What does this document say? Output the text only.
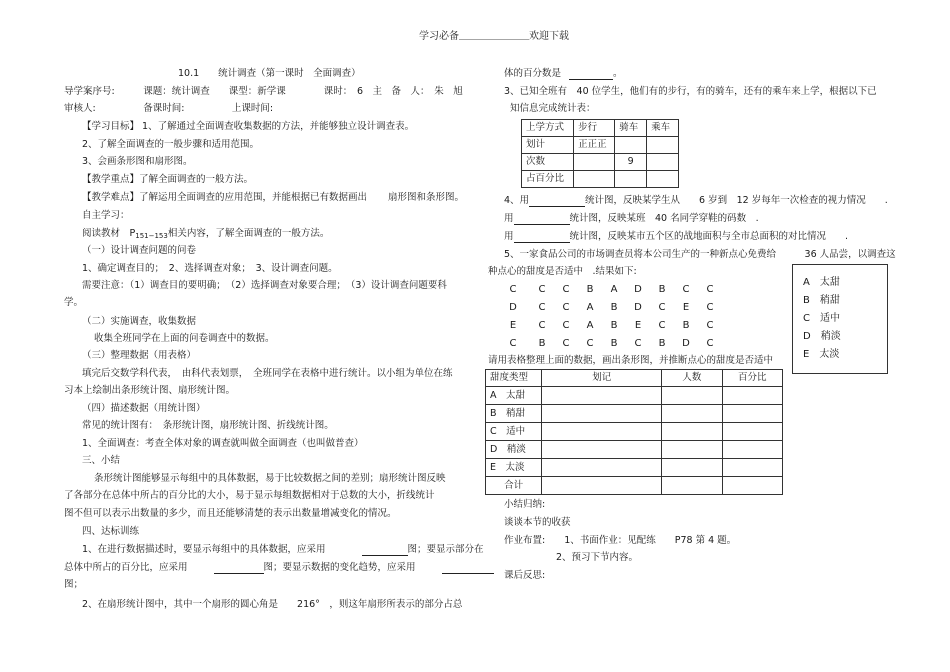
学习必备＿＿＿＿＿＿＿欢迎下载
10.1　　统计调查（第一课时　全面调查）
导学案序号:　　　课题：统计调查　　课型：新学课　　　　课时：　6　主　备　人：　朱　旭
审核人:　　　　　备课时间:　　　　　上课时间:
【学习目标】 1、了解通过全面调查收集数据的方法，并能够独立设计调查表。
2、了解全面调查的一般步骤和适用范围。
3、会画条形图和扇形图。
【教学重点】了解全面调查的一般方法。
【教学难点】了解运用全面调查的应用范围，并能根据已有数据画出 扇形图和条形图。
自主学习：
阅读教材　$P_{151-153}$相关内容，了解全面调查的一般方法。
（一）设计调查问题的问卷
1、确定调查目的；　2、选择调查对象；　3、设计调查问题。
需要注意：（1）调查目的要明确；　（2）选择调查对象要合理；　（3）设计调查问题要科
学。
（二）实施调查，收集数据
收集全班同学在上面的问卷调查中的数据。
（三）整理数据（用表格）
填完后交数学科代表，　由科代表划票，　全班同学在表格中进行统计。以小组为单位在练
习本上绘制出条形统计图、扇形统计图。
（四）描述数据（用统计图）
常见的统计图有：　条形统计图，扇形统计图、折线统计图。
1、全面调查：考查全体对象的调查就叫做全面调查（也叫做普查）
三、小结
条形统计图能够显示每组中的具体数据，易于比较数据之间的差别；扇形统计图反映
了各部分在总体中所占的百分比的大小，易于显示每组数据相对于总数的大小，折线统计
图不但可以表示出数量的多少，而且还能够清楚的表示出数量增减变化的情况。
四、达标训练
1、在进行数据描述时，要显示每组中的具体数据，应采用	图；要显示部分在
总体中所占的百分比，应采用	图；要显示数据的变化趋势，应采用
图；
2、在扇形统计图中，其中一个扇形的圆心角是　　216°　，则这年扇形所表示的部分占总
体的百分数是	。
3、已知全班有　40 位学生，他们有的步行，有的骑车，还有的乘车来上学，根据以下已
知信息完成统计表：
上学方式	步行	骑车	乘车
划计	正正正		
次数		9	
占百分比			
4、用	统计图，反映某学生从　　6 岁到　12 岁每年一次检查的视力情况　　.
用	统计图，反映某班　40 名同学穿鞋的码数　.
用	统计图，反映某市五个区的战地面积与全市总面积的对比情况　　.
5、一家食品公司的市场调查员将本公司生产的一种新点心免费给　　　36 人品尝，以调查这
种点心的甜度是否适中　.结果如下:
C C C B A D B C C
D C C A B D C E C
E C C A B E C B C
C B C C B C B D C
A　太甜
B　稍甜
C　适中
D　稍淡
E　太淡
请用表格整理上面的数据，画出条形图，并推断点心的甜度是否适中
甜度类型	划记	人数	百分比
A　太甜			
B　稍甜			
C　适中			
D　稍淡			
E　太淡			
合计			
小结归纳:
谈谈本节的收获
作业布置:　　1、书面作业：见配练　　P78 第 4 题。
2、预习下节内容。
课后反思:
